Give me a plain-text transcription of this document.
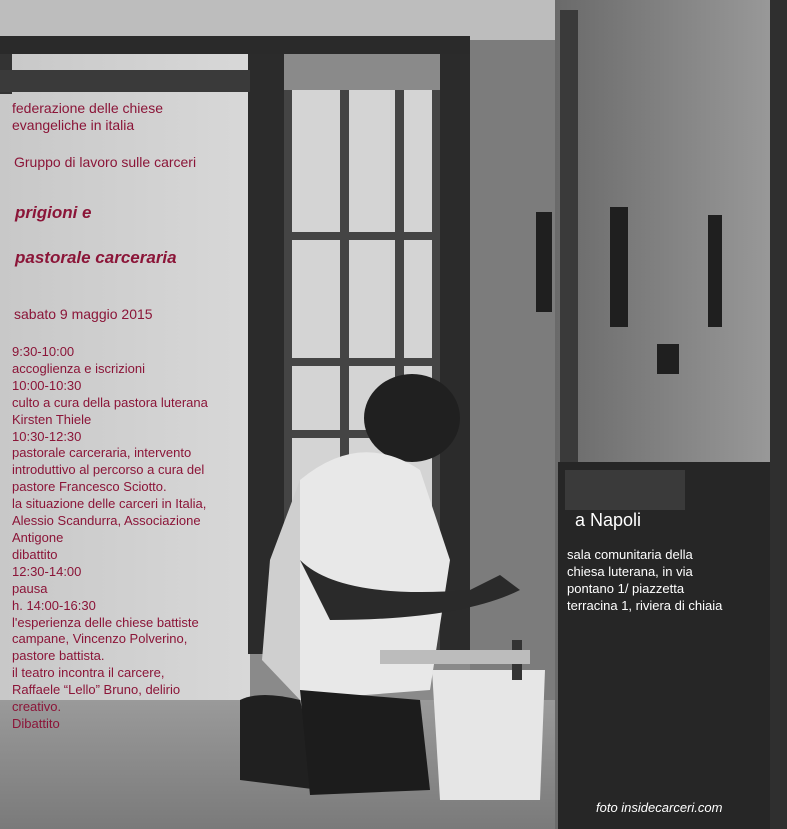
federazione delle chiese
evangeliche in italia
Gruppo di lavoro sulle carceri
prigioni e
pastorale carceraria
sabato 9 maggio 2015
9:30-10:00
accoglienza e iscrizioni
10:00-10:30
culto a cura della pastora luterana
Kirsten Thiele
10:30-12:30
pastorale carceraria, intervento
introduttivo al percorso a cura del
pastore Francesco Sciotto.
la situazione delle carceri in Italia,
Alessio Scandurra, Associazione
Antigone
dibattito
12:30-14:00
pausa
h. 14:00-16:30
l'esperienza delle chiese battiste
campane, Vincenzo Polverino,
pastore battista.
il teatro incontra il carcere,
Raffaele “Lello” Bruno, delirio
creativo.
Dibattito
a Napoli
sala comunitaria della chiesa luterana, in via pontano 1/ piazzetta terracina 1, riviera di chiaia
foto insidecarceri.com
